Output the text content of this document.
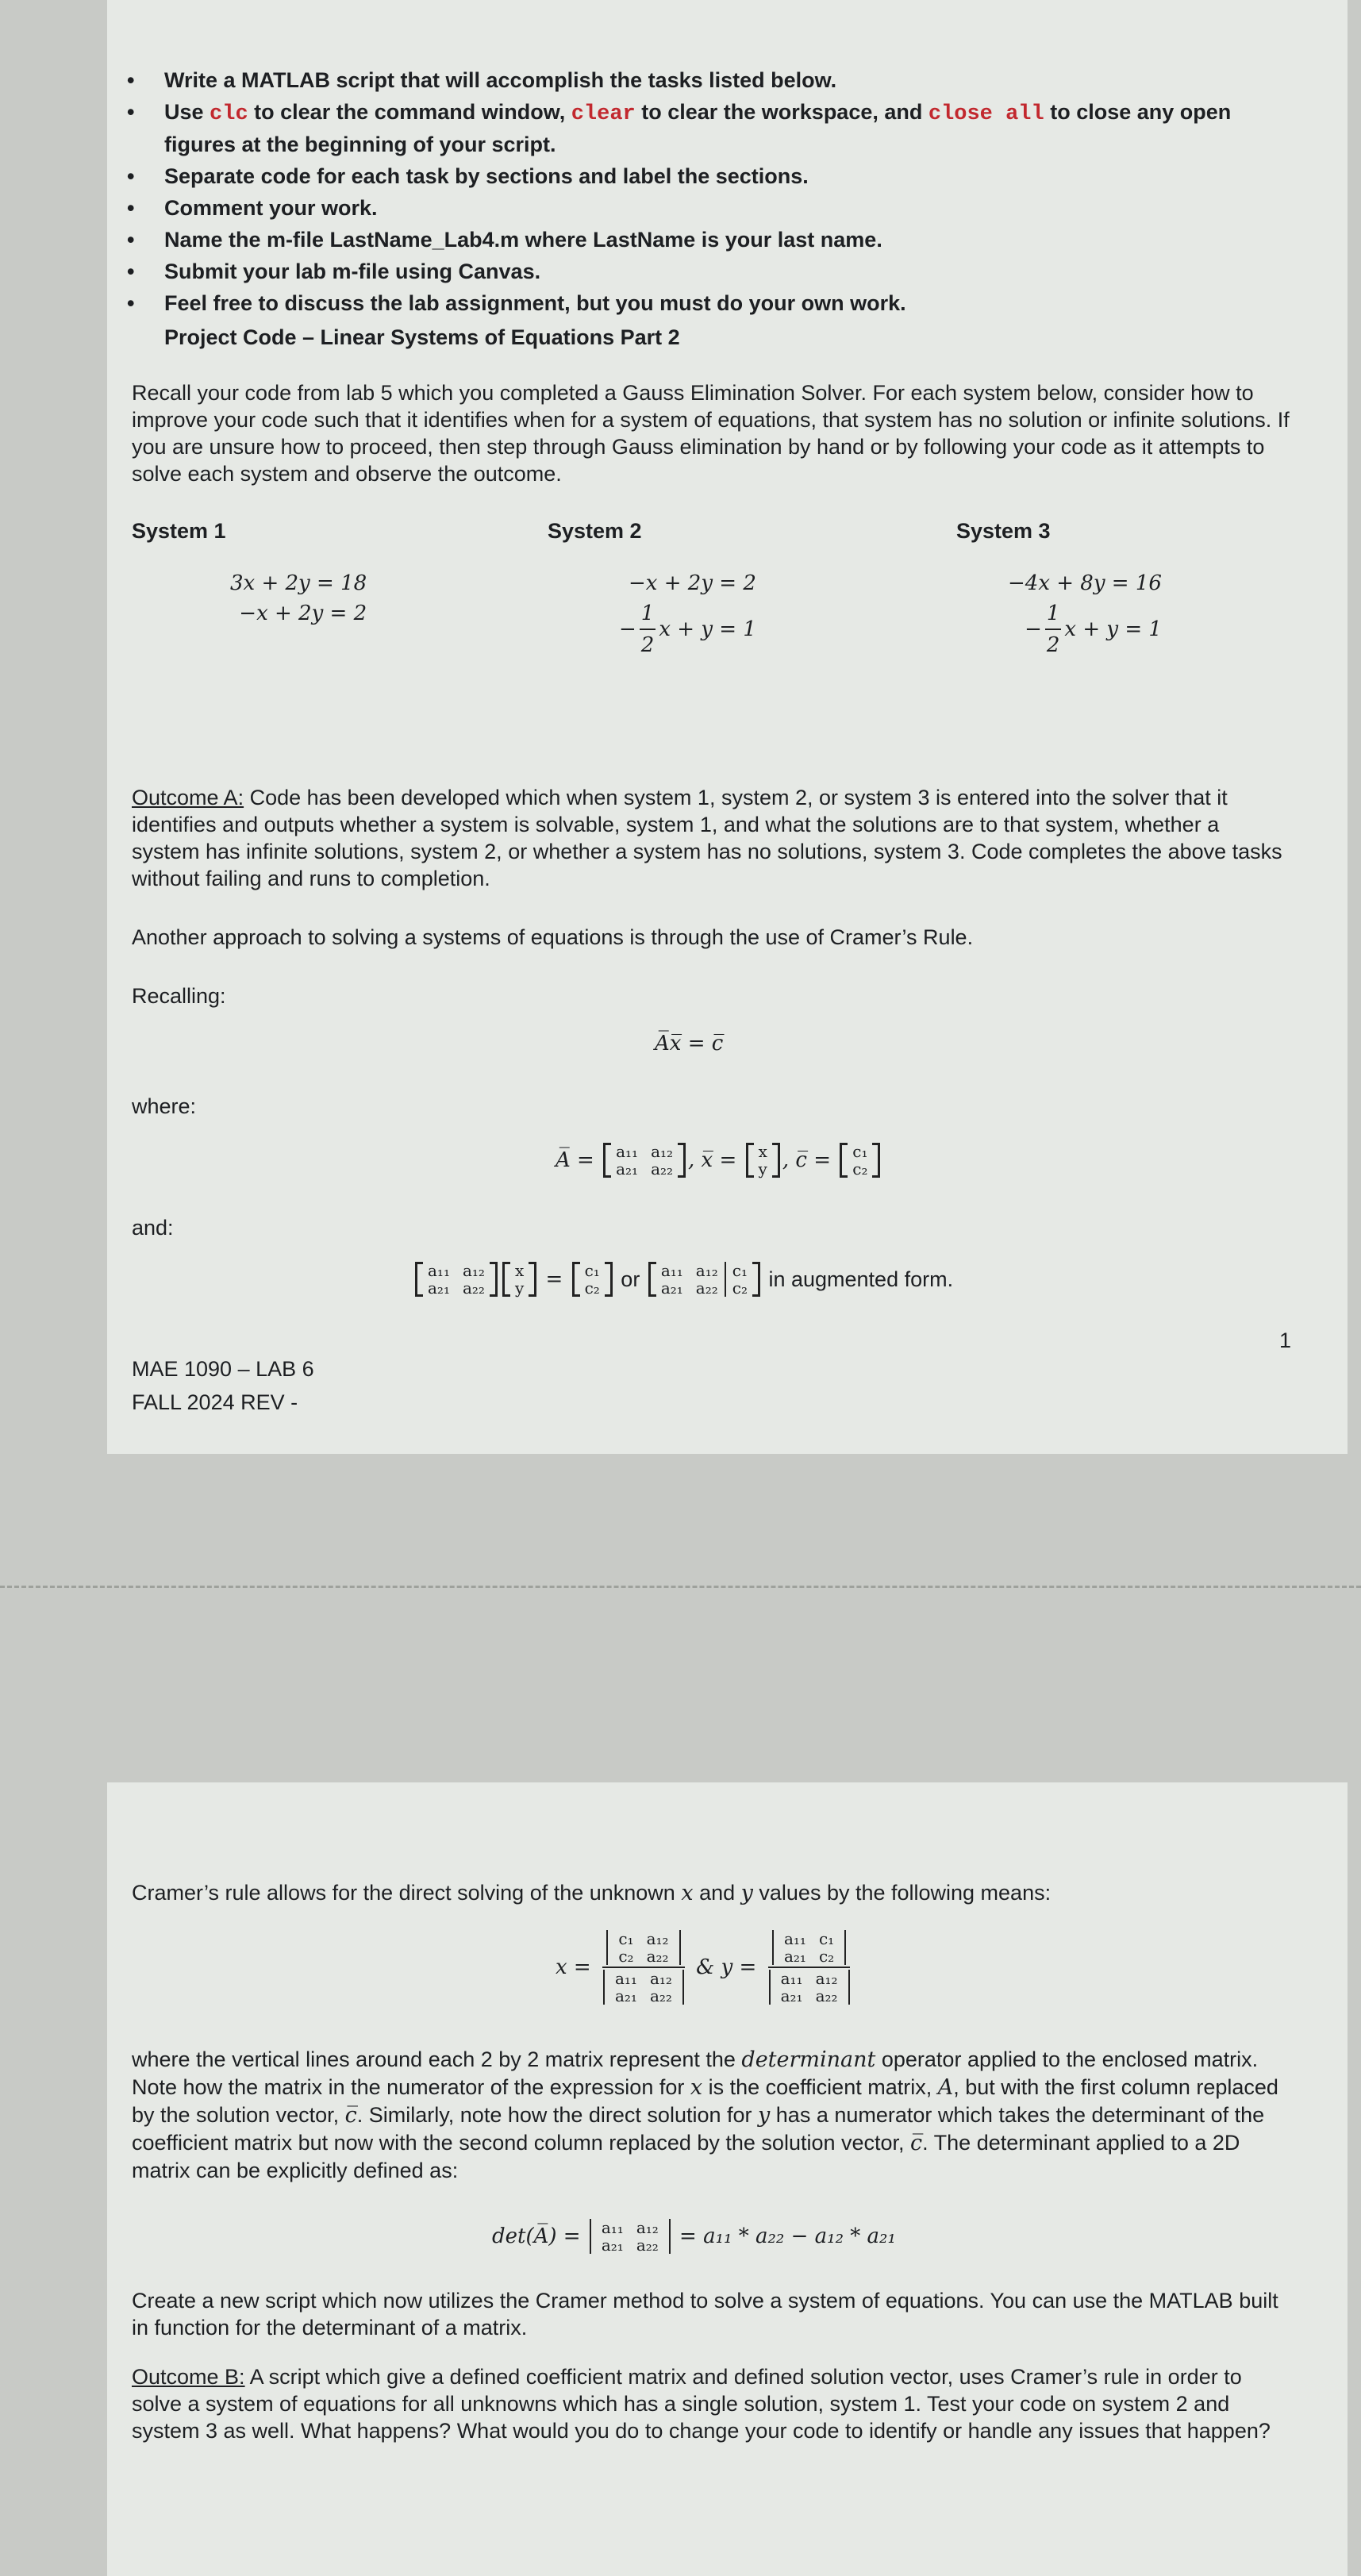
• Write a MATLAB script that will accomplish the tasks listed below.
• Use clc to clear the command window, clear to clear the workspace, and close all to close any open figures at the beginning of your script.
• Separate code for each task by sections and label the sections.
• Comment your work.
• Name the m-file LastName_Lab4.m where LastName is your last name.
• Submit your lab m-file using Canvas.
• Feel free to discuss the lab assignment, but you must do your own work.
Project Code – Linear Systems of Equations Part 2
Recall your code from lab 5 which you completed a Gauss Elimination Solver. For each system below, consider how to improve your code such that it identifies when for a system of equations, that system has no solution or infinite solutions. If you are unsure how to proceed, then step through Gauss elimination by hand or by following your code as it attempts to solve each system and observe the outcome.
System 1
3x + 2y = 18
−x + 2y = 2
System 2
−x + 2y = 2
− $\frac{1}{2}$ x + y = 1
System 3
−4x + 8y = 16
− $\frac{1}{2}$ x + y = 1
Outcome A: Code has been developed which when system 1, system 2, or system 3 is entered into the solver that it identifies and outputs whether a system is solvable, system 1, and what the solutions are to that system, whether a system has infinite solutions, system 2, or whether a system has no solutions, system 3. Code completes the above tasks without failing and runs to completion.
Another approach to solving a systems of equations is through the use of Cramer’s Rule.
Recalling:
A̅x̅ = c̅
where:
A̅ = a₁₁	a₁₂
a₂₁	a₂₂ , x̅ = x
y , c̅ = c₁
c₂
and:
a₁₁	a₁₂
a₂₁	a₂₂
x
y = c₁
c₂ or a₁₁	a₁₂	c₁
a₂₁	a₂₂	c₂ in augmented form.
MAE 1090 – LAB 6
FALL 2024 REV -
1
Cramer’s rule allows for the direct solving of the unknown x and y values by the following means:
x = c₁	a₁₂
c₂	a₂₂
a₁₁	a₁₂
a₂₁	a₂₂ & y = a₁₁	c₁
a₂₁	c₂
a₁₁	a₁₂
a₂₁	a₂₂
where the vertical lines around each 2 by 2 matrix represent the determinant operator applied to the enclosed matrix. Note how the matrix in the numerator of the expression for x is the coefficient matrix, A, but with the first column replaced by the solution vector, c̅. Similarly, note how the direct solution for y has a numerator which takes the determinant of the coefficient matrix but now with the second column replaced by the solution vector, c̅. The determinant applied to a 2D matrix can be explicitly defined as:
det(A̅) = a₁₁	a₁₂
a₂₁	a₂₂ = a₁₁ * a₂₂ − a₁₂ * a₂₁
Create a new script which now utilizes the Cramer method to solve a system of equations. You can use the MATLAB built in function for the determinant of a matrix.
Outcome B: A script which give a defined coefficient matrix and defined solution vector, uses Cramer’s rule in order to solve a system of equations for all unknowns which has a single solution, system 1. Test your code on system 2 and system 3 as well. What happens? What would you do to change your code to identify or handle any issues that happen?
